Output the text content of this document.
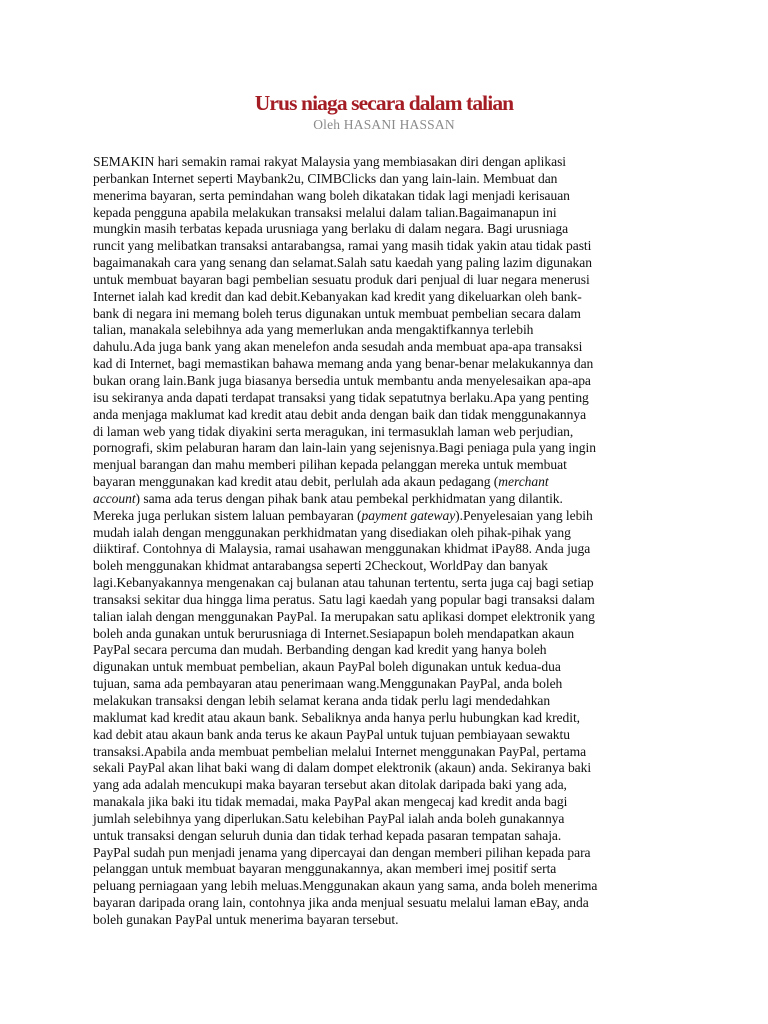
Urus niaga secara dalam talian
Oleh HASANI HASSAN
SEMAKIN hari semakin ramai rakyat Malaysia yang membiasakan diri dengan aplikasi
perbankan Internet seperti Maybank2u, CIMBClicks dan yang lain-lain. Membuat dan
menerima bayaran, serta pemindahan wang boleh dikatakan tidak lagi menjadi kerisauan
kepada pengguna apabila melakukan transaksi melalui dalam talian.Bagaimanapun ini
mungkin masih terbatas kepada urusniaga yang berlaku di dalam negara. Bagi urusniaga
runcit yang melibatkan transaksi antarabangsa, ramai yang masih tidak yakin atau tidak pasti
bagaimanakah cara yang senang dan selamat.Salah satu kaedah yang paling lazim digunakan
untuk membuat bayaran bagi pembelian sesuatu produk dari penjual di luar negara menerusi
Internet ialah kad kredit dan kad debit.Kebanyakan kad kredit yang dikeluarkan oleh bank-
bank di negara ini memang boleh terus digunakan untuk membuat pembelian secara dalam
talian, manakala selebihnya ada yang memerlukan anda mengaktifkannya terlebih
dahulu.Ada juga bank yang akan menelefon anda sesudah anda membuat apa-apa transaksi
kad di Internet, bagi memastikan bahawa memang anda yang benar-benar melakukannya dan
bukan orang lain.Bank juga biasanya bersedia untuk membantu anda menyelesaikan apa-apa
isu sekiranya anda dapati terdapat transaksi yang tidak sepatutnya berlaku.Apa yang penting
anda menjaga maklumat kad kredit atau debit anda dengan baik dan tidak menggunakannya
di laman web yang tidak diyakini serta meragukan, ini termasuklah laman web perjudian,
pornografi, skim pelaburan haram dan lain-lain yang sejenisnya.Bagi peniaga pula yang ingin
menjual barangan dan mahu memberi pilihan kepada pelanggan mereka untuk membuat
bayaran menggunakan kad kredit atau debit, perlulah ada akaun pedagang (merchant
account) sama ada terus dengan pihak bank atau pembekal perkhidmatan yang dilantik.
Mereka juga perlukan sistem laluan pembayaran (payment gateway).Penyelesaian yang lebih
mudah ialah dengan menggunakan perkhidmatan yang disediakan oleh pihak-pihak yang
diiktiraf. Contohnya di Malaysia, ramai usahawan menggunakan khidmat iPay88. Anda juga
boleh menggunakan khidmat antarabangsa seperti 2Checkout, WorldPay dan banyak
lagi.Kebanyakannya mengenakan caj bulanan atau tahunan tertentu, serta juga caj bagi setiap
transaksi sekitar dua hingga lima peratus. Satu lagi kaedah yang popular bagi transaksi dalam
talian ialah dengan menggunakan PayPal. Ia merupakan satu aplikasi dompet elektronik yang
boleh anda gunakan untuk berurusniaga di Internet.Sesiapapun boleh mendapatkan akaun
PayPal secara percuma dan mudah. Berbanding dengan kad kredit yang hanya boleh
digunakan untuk membuat pembelian, akaun PayPal boleh digunakan untuk kedua-dua
tujuan, sama ada pembayaran atau penerimaan wang.Menggunakan PayPal, anda boleh
melakukan transaksi dengan lebih selamat kerana anda tidak perlu lagi mendedahkan
maklumat kad kredit atau akaun bank. Sebaliknya anda hanya perlu hubungkan kad kredit,
kad debit atau akaun bank anda terus ke akaun PayPal untuk tujuan pembiayaan sewaktu
transaksi.Apabila anda membuat pembelian melalui Internet menggunakan PayPal, pertama
sekali PayPal akan lihat baki wang di dalam dompet elektronik (akaun) anda. Sekiranya baki
yang ada adalah mencukupi maka bayaran tersebut akan ditolak daripada baki yang ada,
manakala jika baki itu tidak memadai, maka PayPal akan mengecaj kad kredit anda bagi
jumlah selebihnya yang diperlukan.Satu kelebihan PayPal ialah anda boleh gunakannya
untuk transaksi dengan seluruh dunia dan tidak terhad kepada pasaran tempatan sahaja.
PayPal sudah pun menjadi jenama yang dipercayai dan dengan memberi pilihan kepada para
pelanggan untuk membuat bayaran menggunakannya, akan memberi imej positif serta
peluang perniagaan yang lebih meluas.Menggunakan akaun yang sama, anda boleh menerima
bayaran daripada orang lain, contohnya jika anda menjual sesuatu melalui laman eBay, anda
boleh gunakan PayPal untuk menerima bayaran tersebut.
